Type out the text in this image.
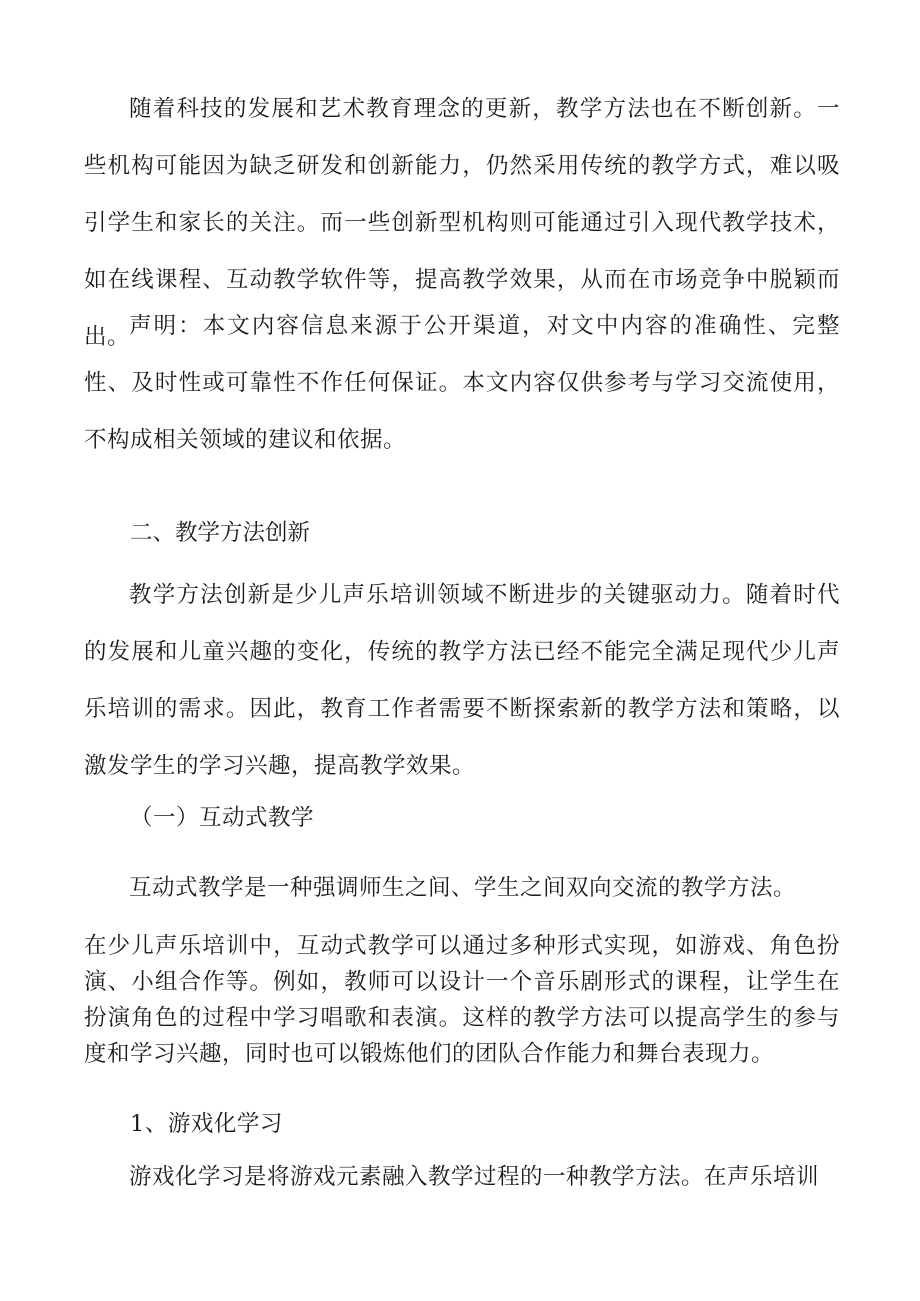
随着科技的发展和艺术教育理念的更新，教学方法也在不断创新。一些机构可能因为缺乏研发和创新能力，仍然采用传统的教学方式，难以吸引学生和家长的关注。而一些创新型机构则可能通过引入现代教学技术，如在线课程、互动教学软件等，提高教学效果，从而在市场竞争中脱颖而出。

声明：本文内容信息来源于公开渠道，对文中内容的准确性、完整性、及时性或可靠性不作任何保证。本文内容仅供参考与学习交流使用，不构成相关领域的建议和依据。

二、教学方法创新

教学方法创新是少儿声乐培训领域不断进步的关键驱动力。随着时代的发展和儿童兴趣的变化，传统的教学方法已经不能完全满足现代少儿声乐培训的需求。因此，教育工作者需要不断探索新的教学方法和策略，以激发学生的学习兴趣，提高教学效果。

（一）互动式教学

互动式教学是一种强调师生之间、学生之间双向交流的教学方法。

在少儿声乐培训中，互动式教学可以通过多种形式实现，如游戏、角色扮演、小组合作等。例如，教师可以设计一个音乐剧形式的课程，让学生在扮演角色的过程中学习唱歌和表演。这样的教学方法可以提高学生的参与度和学习兴趣，同时也可以锻炼他们的团队合作能力和舞台表现力。

1、游戏化学习

游戏化学习是将游戏元素融入教学过程的一种教学方法。在声乐培训
